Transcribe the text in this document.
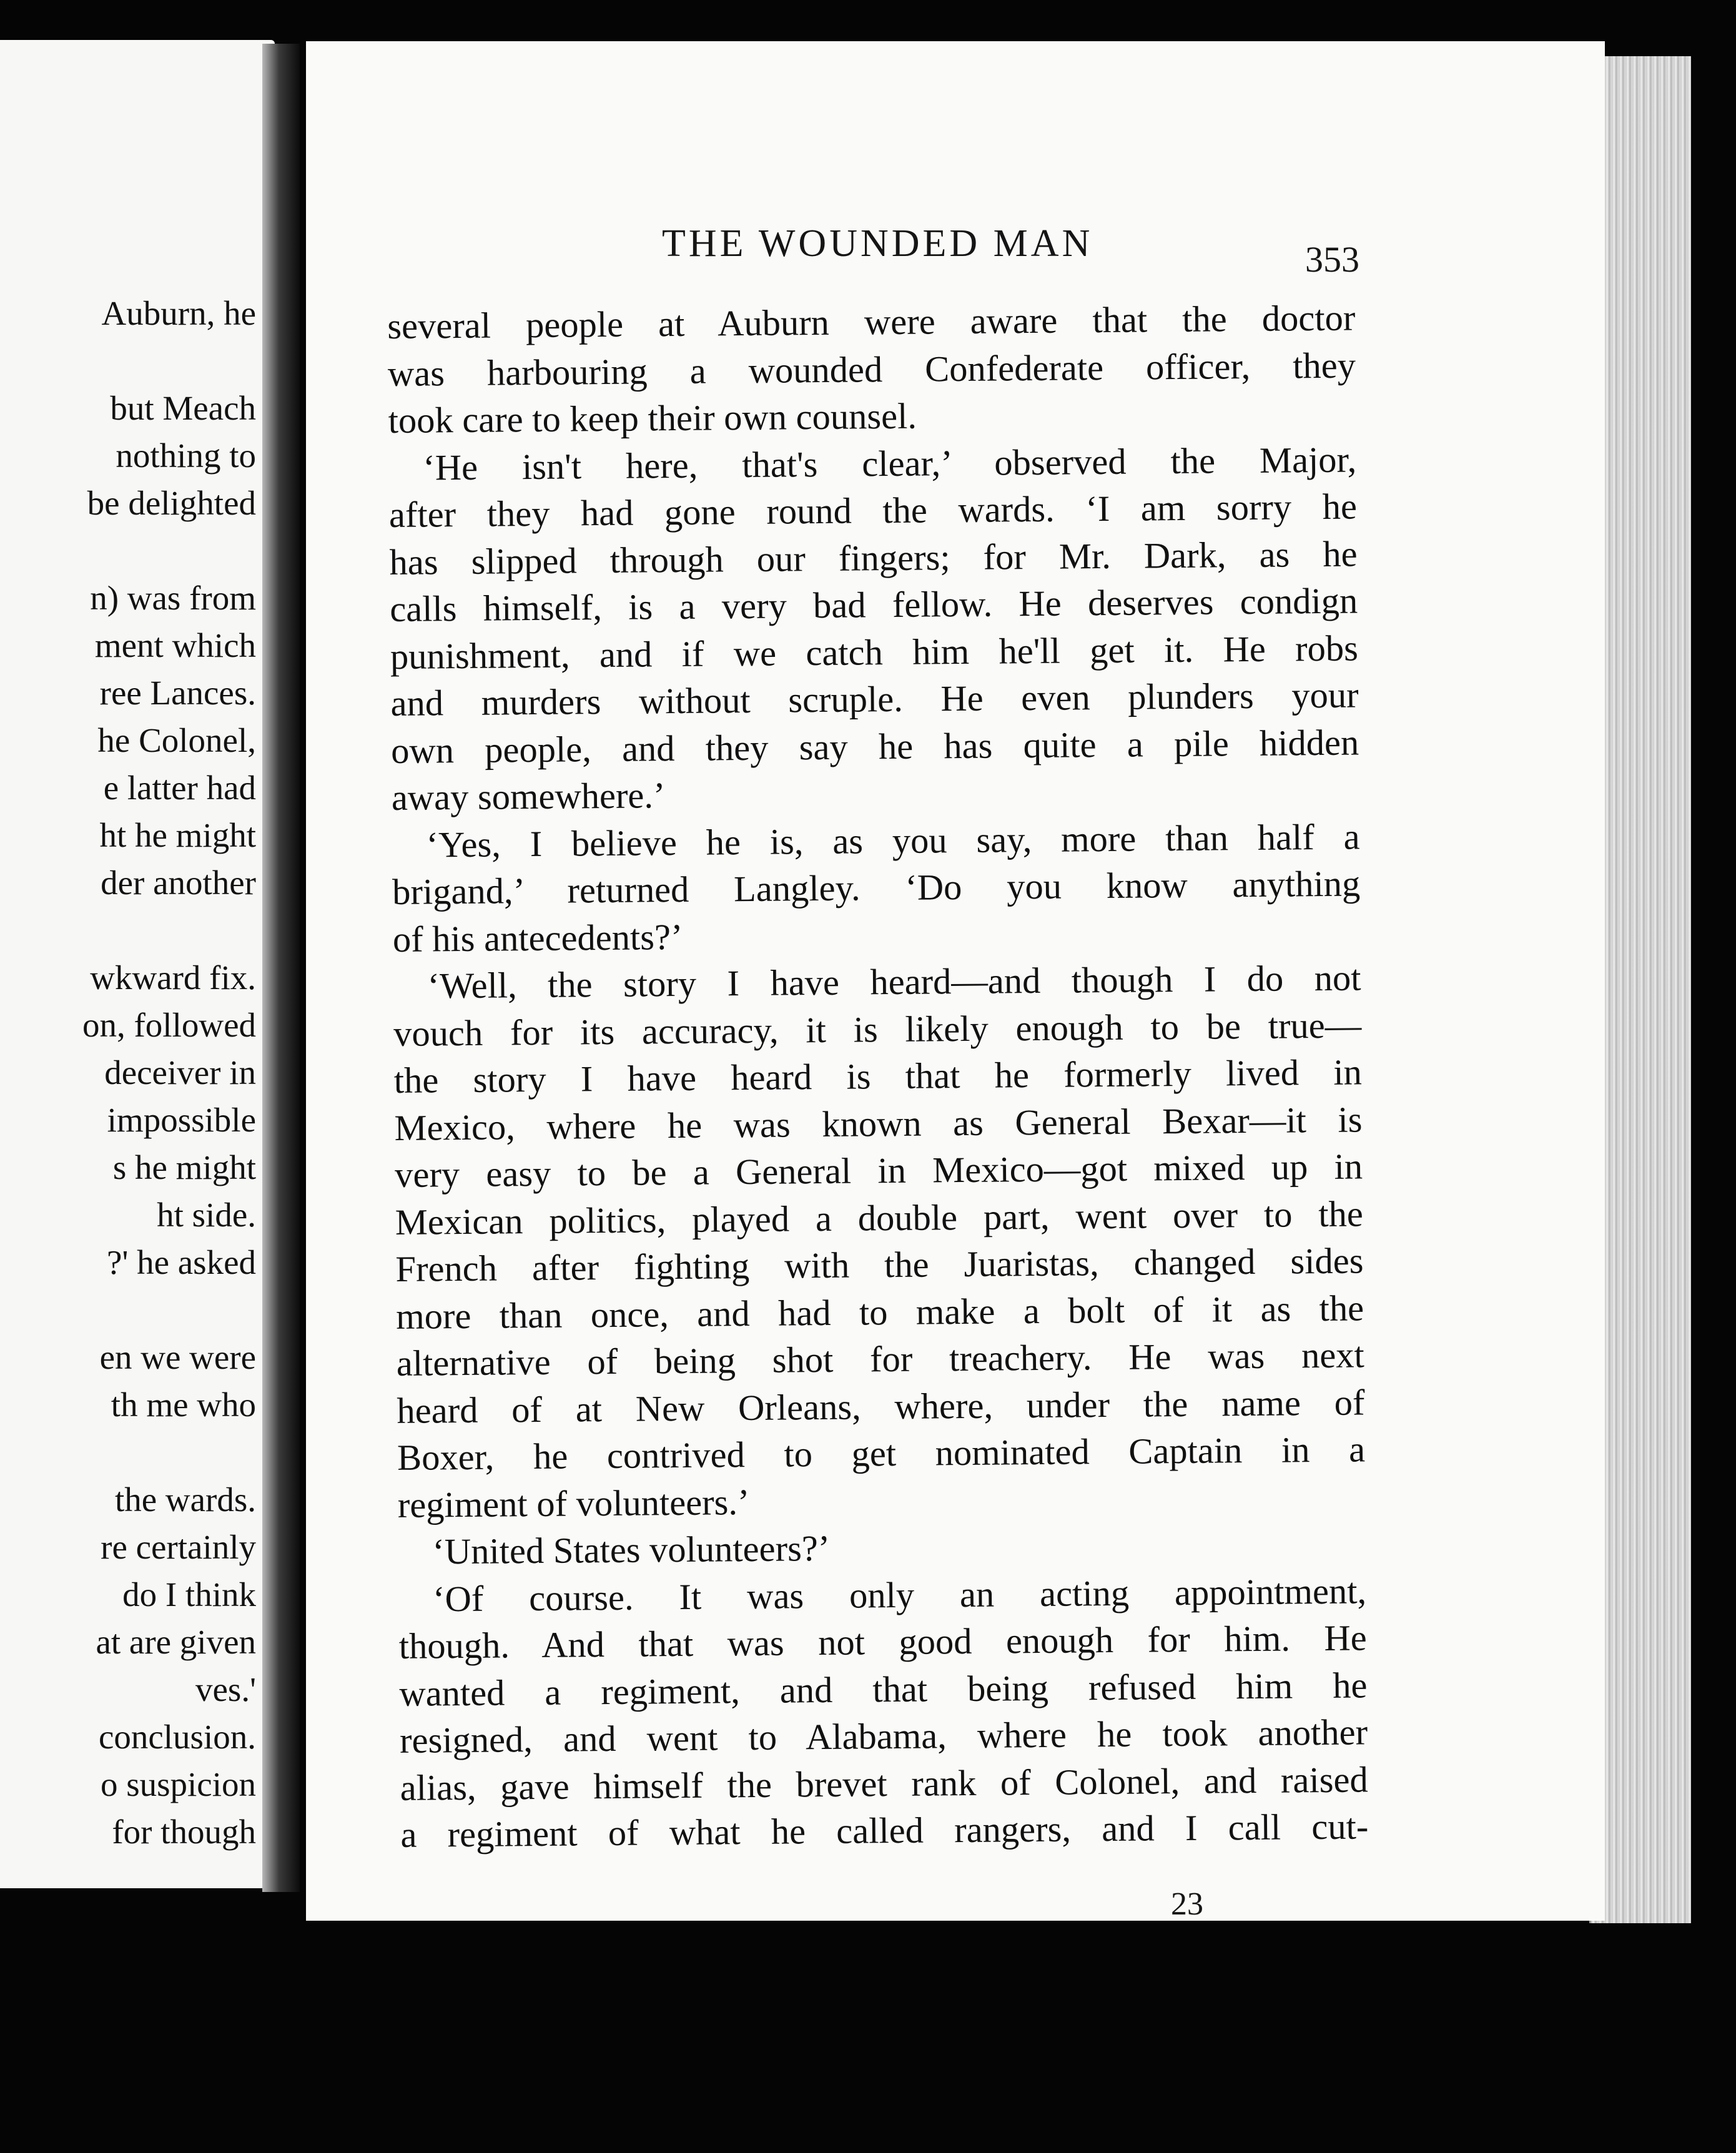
Auburn, he
but Meach
nothing to
be delighted
n) was from
ment which
ree Lances.
he Colonel,
e latter had
ht he might
der another
wkward fix.
on, followed
deceiver in
impossible
s he might
ht side.
?' he asked
en we were
th me who
the wards.
re certainly
do I think
at are given
ves.'
conclusion.
o suspicion
for though
THE WOUNDED MAN	353
several people at Auburn were aware that the doctor
was harbouring a wounded Confederate officer, they
took care to keep their own counsel.
‘He isn't here, that's clear,’ observed the Major,
after they had gone round the wards. ‘I am sorry he
has slipped through our fingers; for Mr. Dark, as he
calls himself, is a very bad fellow. He deserves condign
punishment, and if we catch him he'll get it. He robs
and murders without scruple. He even plunders your
own people, and they say he has quite a pile hidden
away somewhere.’
‘Yes, I believe he is, as you say, more than half a
brigand,’ returned Langley. ‘Do you know anything
of his antecedents?’
‘Well, the story I have heard—and though I do not
vouch for its accuracy, it is likely enough to be true—
the story I have heard is that he formerly lived in
Mexico, where he was known as General Bexar—it is
very easy to be a General in Mexico—got mixed up in
Mexican politics, played a double part, went over to the
French after fighting with the Juaristas, changed sides
more than once, and had to make a bolt of it as the
alternative of being shot for treachery. He was next
heard of at New Orleans, where, under the name of
Boxer, he contrived to get nominated Captain in a
regiment of volunteers.’
‘United States volunteers?’
‘Of course. It was only an acting appointment,
though. And that was not good enough for him. He
wanted a regiment, and that being refused him he
resigned, and went to Alabama, where he took another
alias, gave himself the brevet rank of Colonel, and raised
a regiment of what he called rangers, and I call cut-
23
